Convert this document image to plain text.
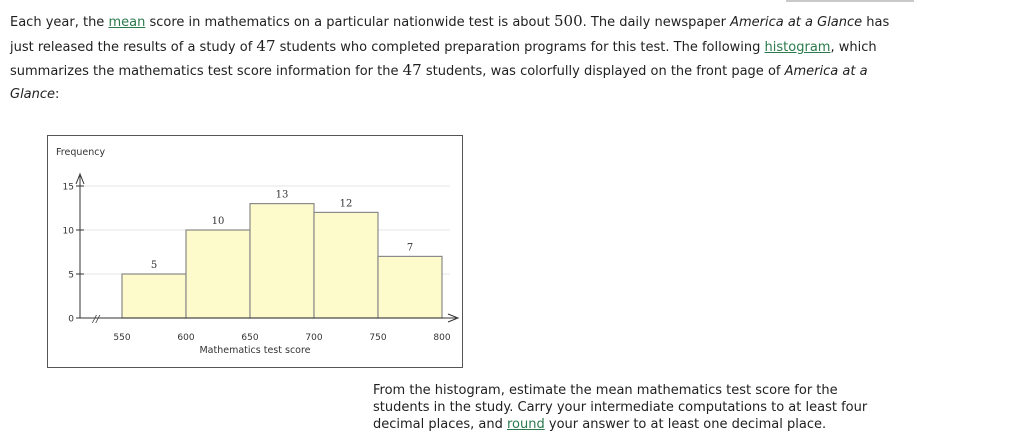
Each year, the mean score in mathematics on a particular nationwide test is about 500. The daily newspaper America at a Glance has just released the results of a study of 47 students who completed preparation programs for this test. The following histogram, which summarizes the mathematics test score information for the 47 students, was colorfully displayed on the front page of America at a Glance:

5
10
13
12
7
//
0
5
10
15
550	600	650	700	750	800
Frequency
Mathematics test score

From the histogram, estimate the mean mathematics test score for the students in the study. Carry your intermediate computations to at least four decimal places, and round your answer to at least one decimal place.
